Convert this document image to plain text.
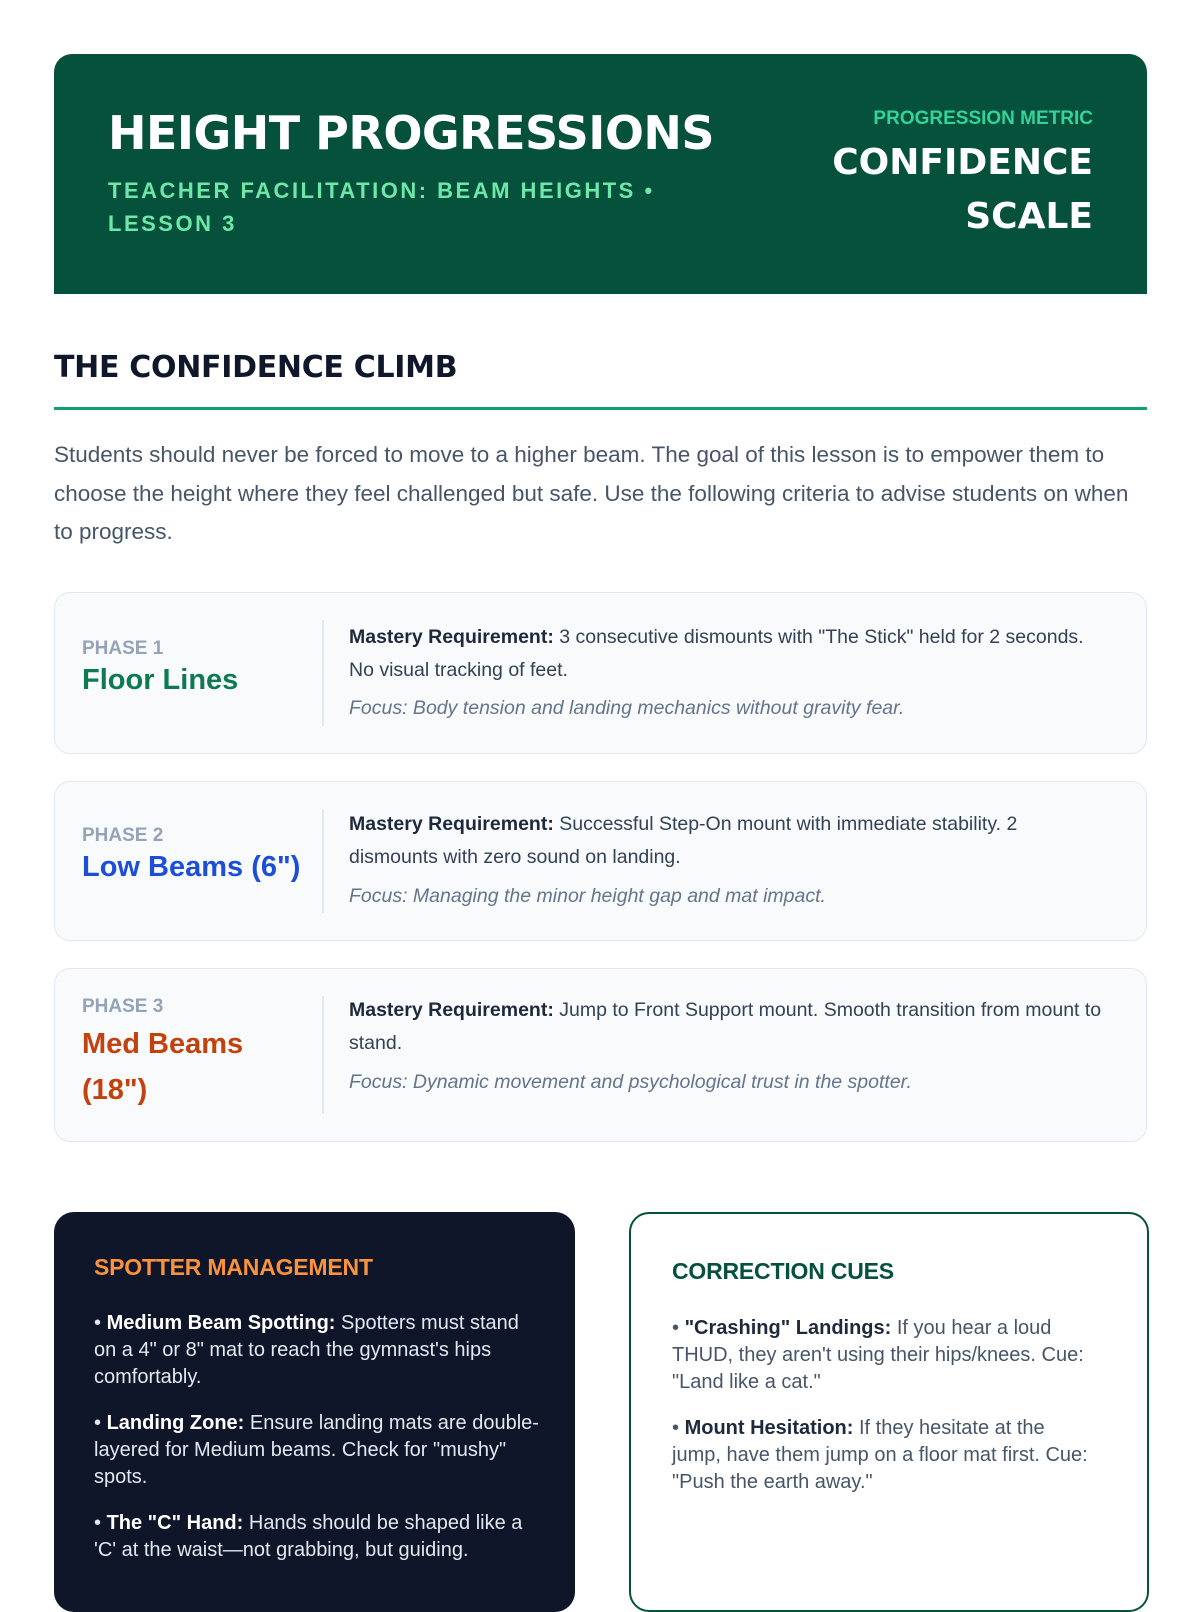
HEIGHT PROGRESSIONS
TEACHER FACILITATION: BEAM HEIGHTS • LESSON 3
PROGRESSION METRIC
CONFIDENCE SCALE
THE CONFIDENCE CLIMB
Students should never be forced to move to a higher beam. The goal of this lesson is to empower them to choose the height where they feel challenged but safe. Use the following criteria to advise students on when to progress.
PHASE 1
Floor Lines
Mastery Requirement: 3 consecutive dismounts with "The Stick" held for 2 seconds. No visual tracking of feet.
Focus: Body tension and landing mechanics without gravity fear.
PHASE 2
Low Beams (6")
Mastery Requirement: Successful Step-On mount with immediate stability. 2 dismounts with zero sound on landing.
Focus: Managing the minor height gap and mat impact.
PHASE 3
Med Beams (18")
Mastery Requirement: Jump to Front Support mount. Smooth transition from mount to stand.
Focus: Dynamic movement and psychological trust in the spotter.
SPOTTER MANAGEMENT
• Medium Beam Spotting: Spotters must stand on a 4" or 8" mat to reach the gymnast's hips comfortably.
• Landing Zone: Ensure landing mats are double-layered for Medium beams. Check for "mushy" spots.
• The "C" Hand: Hands should be shaped like a 'C' at the waist—not grabbing, but guiding.
CORRECTION CUES
• "Crashing" Landings: If you hear a loud THUD, they aren't using their hips/knees. Cue: "Land like a cat."
• Mount Hesitation: If they hesitate at the jump, have them jump on a floor mat first. Cue: "Push the earth away."
